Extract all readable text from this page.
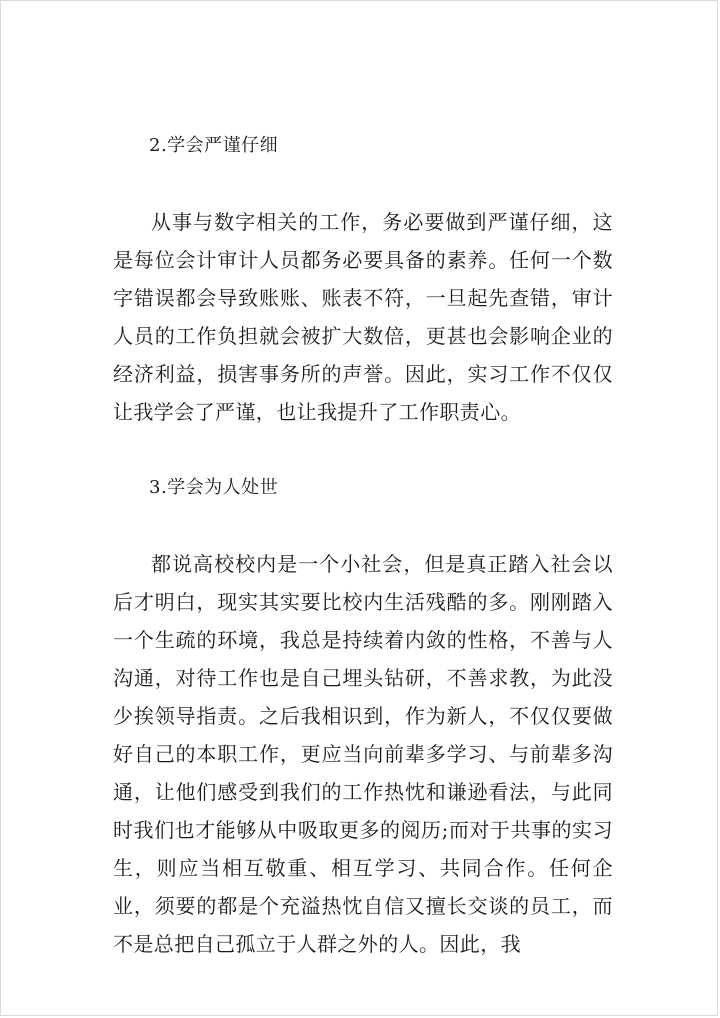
2.学会严谨仔细

从事与数字相关的工作，务必要做到严谨仔细，这是每位会计审计人员都务必要具备的素养。任何一个数字错误都会导致账账、账表不符，一旦起先查错，审计人员的工作负担就会被扩大数倍，更甚也会影响企业的经济利益，损害事务所的声誉。因此，实习工作不仅仅让我学会了严谨，也让我提升了工作职责心。

3.学会为人处世

都说高校校内是一个小社会，但是真正踏入社会以后才明白，现实其实要比校内生活残酷的多。刚刚踏入一个生疏的环境，我总是持续着内敛的性格，不善与人沟通，对待工作也是自己埋头钻研，不善求教，为此没少挨领导指责。之后我相识到，作为新人，不仅仅要做好自己的本职工作，更应当向前辈多学习、与前辈多沟通，让他们感受到我们的工作热忱和谦逊看法，与此同时我们也才能够从中吸取更多的阅历;而对于共事的实习生，则应当相互敬重、相互学习、共同合作。任何企业，须要的都是个充溢热忱自信又擅长交谈的员工，而不是总把自己孤立于人群之外的人。因此，我
